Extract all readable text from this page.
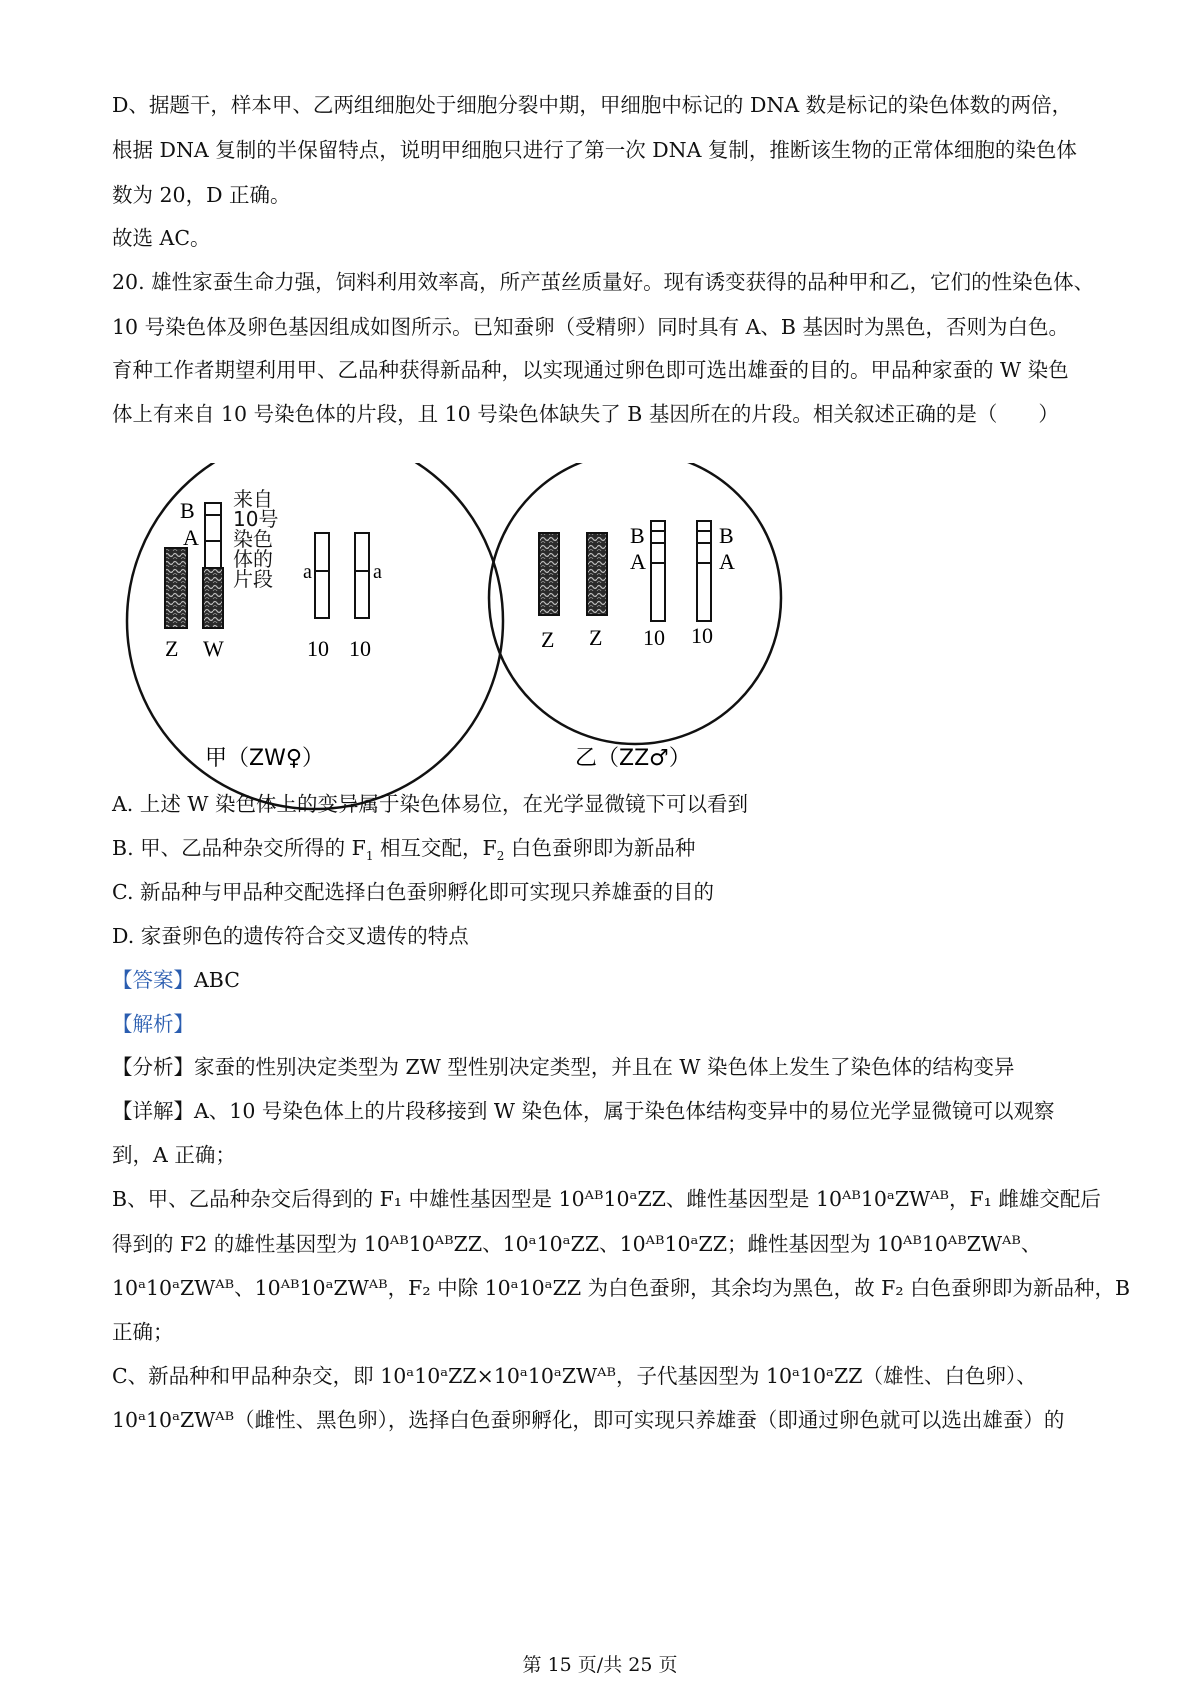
D、据题干，样本甲、乙两组细胞处于细胞分裂中期，甲细胞中标记的 DNA 数是标记的染色体数的两倍，
根据 DNA 复制的半保留特点，说明甲细胞只进行了第一次 DNA 复制，推断该生物的正常体细胞的染色体
数为 20，D 正确。
故选 AC。
20. 雄性家蚕生命力强，饲料利用效率高，所产茧丝质量好。现有诱变获得的品种甲和乙，它们的性染色体、
10 号染色体及卵色基因组成如图所示。已知蚕卵（受精卵）同时具有 A、B 基因时为黑色，否则为白色。
育种工作者期望利用甲、乙品种获得新品种，以实现通过卵色即可选出雄蚕的目的。甲品种家蚕的 W 染色
体上有来自 10 号染色体的片段，且 10 号染色体缺失了 B 基因所在的片段。相关叙述正确的是（　　）
B
A
来自10号染色体的片段	a	a
Z W	10 10
甲（ZW♀）
B
A
B
A
Z Z 10 10
乙（ZZ♂）
A. 上述 W 染色体上的变异属于染色体易位，在光学显微镜下可以看到
B. 甲、乙品种杂交所得的 $F_1$ 相互交配，$F_2$ 白色蚕卵即为新品种
C. 新品种与甲品种交配选择白色蚕卵孵化即可实现只养雄蚕的目的
D. 家蚕卵色的遗传符合交叉遗传的特点
【答案】ABC
【解析】
【分析】家蚕的性别决定类型为 ZW 型性别决定类型，并且在 W 染色体上发生了染色体的结构变异
【详解】A、10 号染色体上的片段移接到 W 染色体，属于染色体结构变异中的易位光学显微镜可以观察
到，A 正确；
B、甲、乙品种杂交后得到的 F₁ 中雄性基因型是 10ᴬᴮ10ᵃZZ、雌性基因型是 10ᴬᴮ10ᵃZWᴬᴮ，F₁ 雌雄交配后
得到的 F2 的雄性基因型为 10ᴬᴮ10ᴬᴮZZ、10ᵃ10ᵃZZ、10ᴬᴮ10ᵃZZ；雌性基因型为 10ᴬᴮ10ᴬᴮZWᴬᴮ、
10ᵃ10ᵃZWᴬᴮ、10ᴬᴮ10ᵃZWᴬᴮ，F₂ 中除 10ᵃ10ᵃZZ 为白色蚕卵，其余均为黑色，故 F₂ 白色蚕卵即为新品种，B
正确；
C、新品种和甲品种杂交，即 10ᵃ10ᵃZZ×10ᵃ10ᵃZWᴬᴮ，子代基因型为 10ᵃ10ᵃZZ（雄性、白色卵）、
10ᵃ10ᵃZWᴬᴮ（雌性、黑色卵），选择白色蚕卵孵化，即可实现只养雄蚕（即通过卵色就可以选出雄蚕）的
第 15 页/共 25 页
